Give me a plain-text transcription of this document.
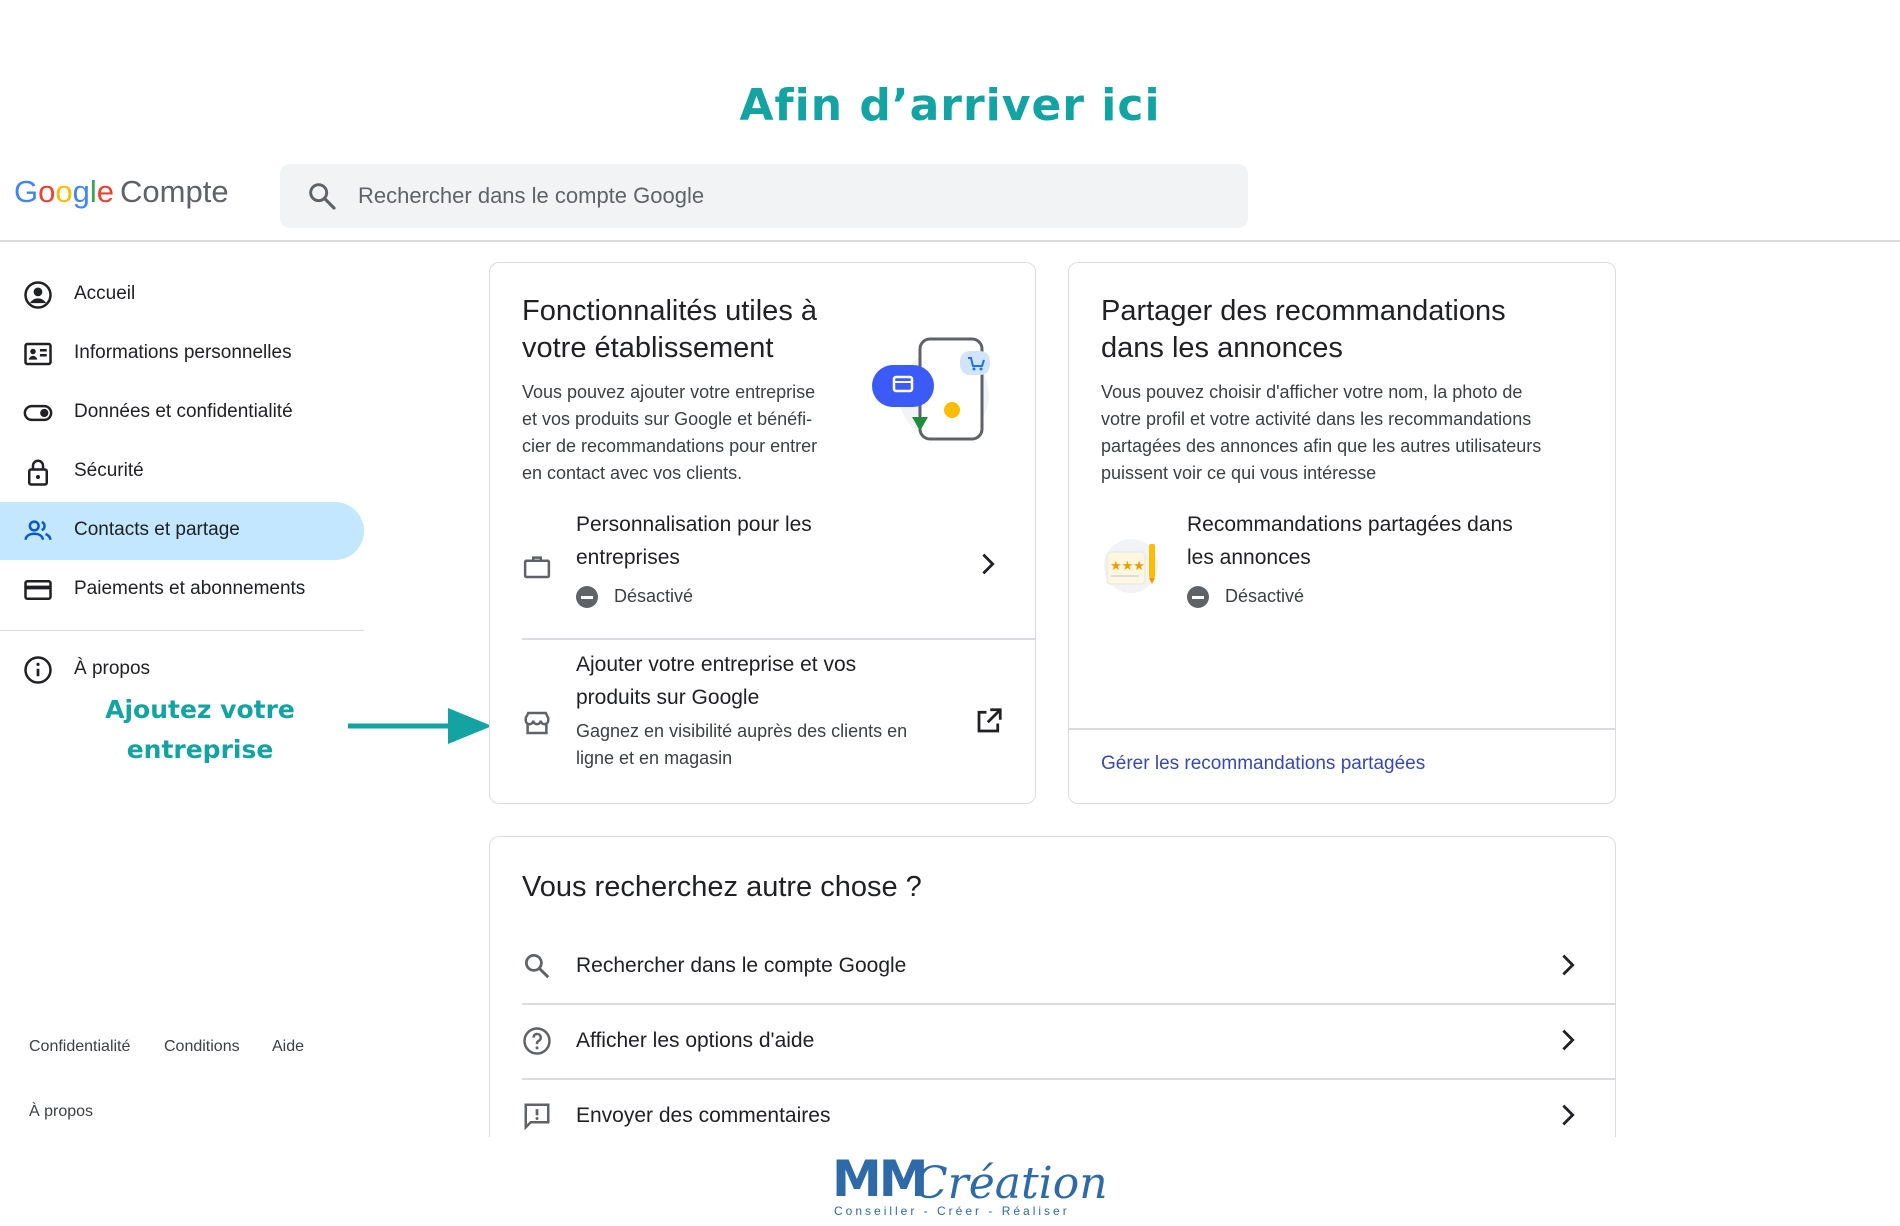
Afin d’arriver ici
Google Compte	Rechercher dans le compte Google
Accueil
Informations personnelles
Données et confidentialité
Sécurité
Contacts et partage
Paiements et abonnements
À propos
Ajoutez votre
entreprise
Confidentialité Conditions Aide
À propos
Fonctionnalités utiles à
votre établissement
Vous pouvez ajouter votre entreprise
et vos produits sur Google et bénéfi-
cier de recommandations pour entrer
en contact avec vos clients.
Personnalisation pour les
entreprises
Désactivé
Ajouter votre entreprise et vos
produits sur Google
Gagnez en visibilité auprès des clients en
ligne et en magasin
Partager des recommandations
dans les annonces
Vous pouvez choisir d'afficher votre nom, la photo de
votre profil et votre activité dans les recommandations
partagées des annonces afin que les autres utilisateurs
puissent voir ce qui vous intéresse
★★★
Recommandations partagées dans
les annonces
Désactivé
Gérer les recommandations partagées
Vous recherchez autre chose ?
Rechercher dans le compte Google
Afficher les options d'aide
Envoyer des commentaires
MM
Création
Conseiller - Créer - Réaliser
